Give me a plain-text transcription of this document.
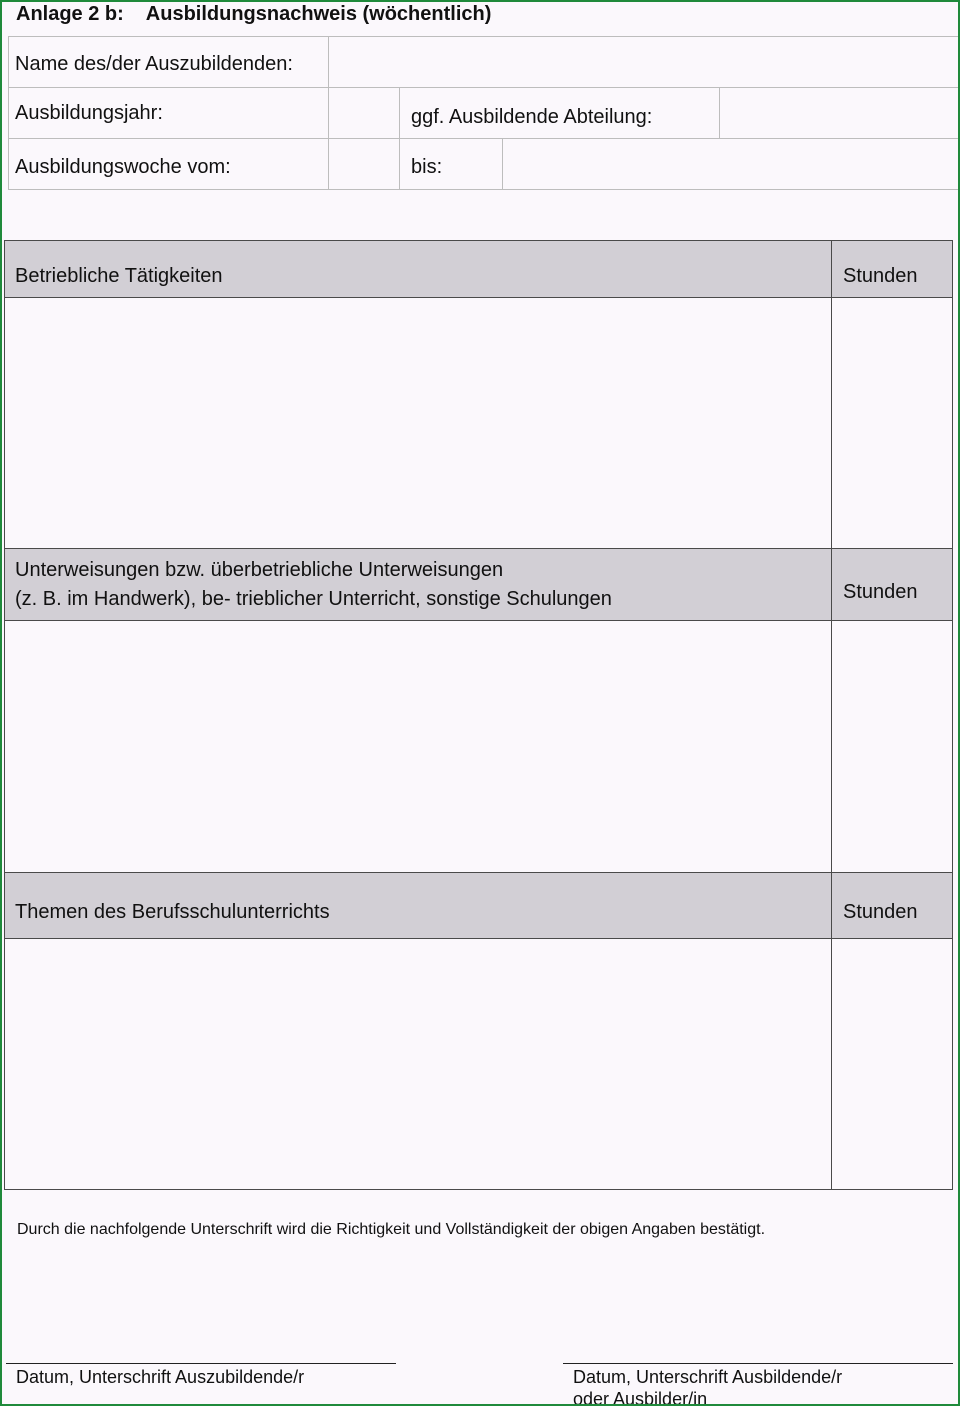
Anlage 2 b: Ausbildungsnachweis (wöchentlich)
Name des/der Auszubildenden:
Ausbildungsjahr:	ggf. Ausbildende Abteilung:
Ausbildungswoche vom:	bis:
Betriebliche Tätigkeiten	Stunden
Unterweisungen bzw. überbetriebliche Unterweisungen
(z. B. im Handwerk), be- trieblicher Unterricht, sonstige Schulungen	Stunden
Themen des Berufsschulunterrichts	Stunden
Durch die nachfolgende Unterschrift wird die Richtigkeit und Vollständigkeit der obigen Angaben bestätigt.
Datum, Unterschrift Auszubildende/r	Datum, Unterschrift Ausbildende/r
oder Ausbilder/in
